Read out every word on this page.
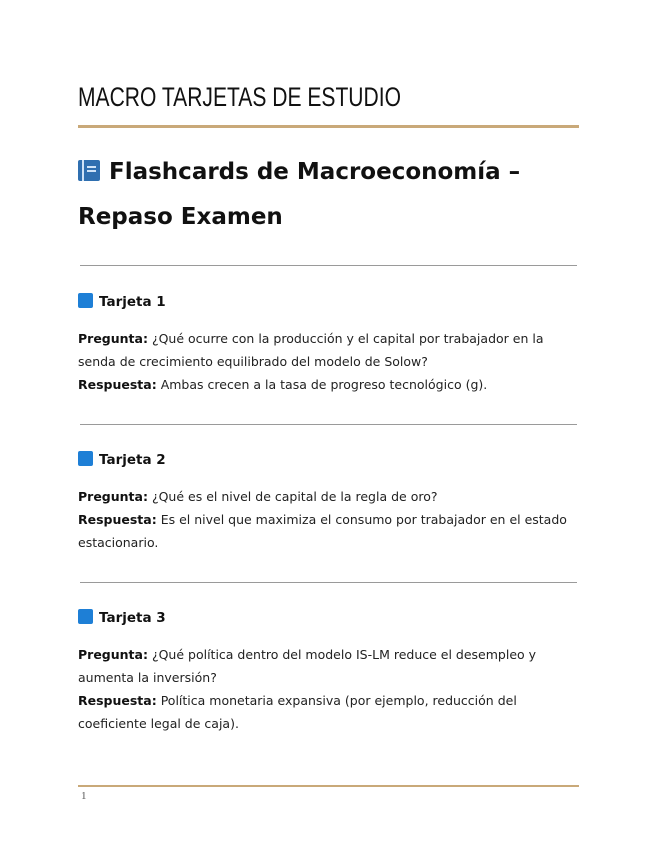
MACRO TARJETAS DE ESTUDIO
Flashcards de Macroeconomía –
Repaso Examen
Tarjeta 1

Pregunta: ¿Qué ocurre con la producción y el capital por trabajador en la senda de crecimiento equilibrado del modelo de Solow?

Respuesta: Ambas crecen a la tasa de progreso tecnológico (g).

Tarjeta 2

Pregunta: ¿Qué es el nivel de capital de la regla de oro?

Respuesta: Es el nivel que maximiza el consumo por trabajador en el estado estacionario.

Tarjeta 3

Pregunta: ¿Qué política dentro del modelo IS-LM reduce el desempleo y aumenta la inversión?

Respuesta: Política monetaria expansiva (por ejemplo, reducción del coeficiente legal de caja).

1
